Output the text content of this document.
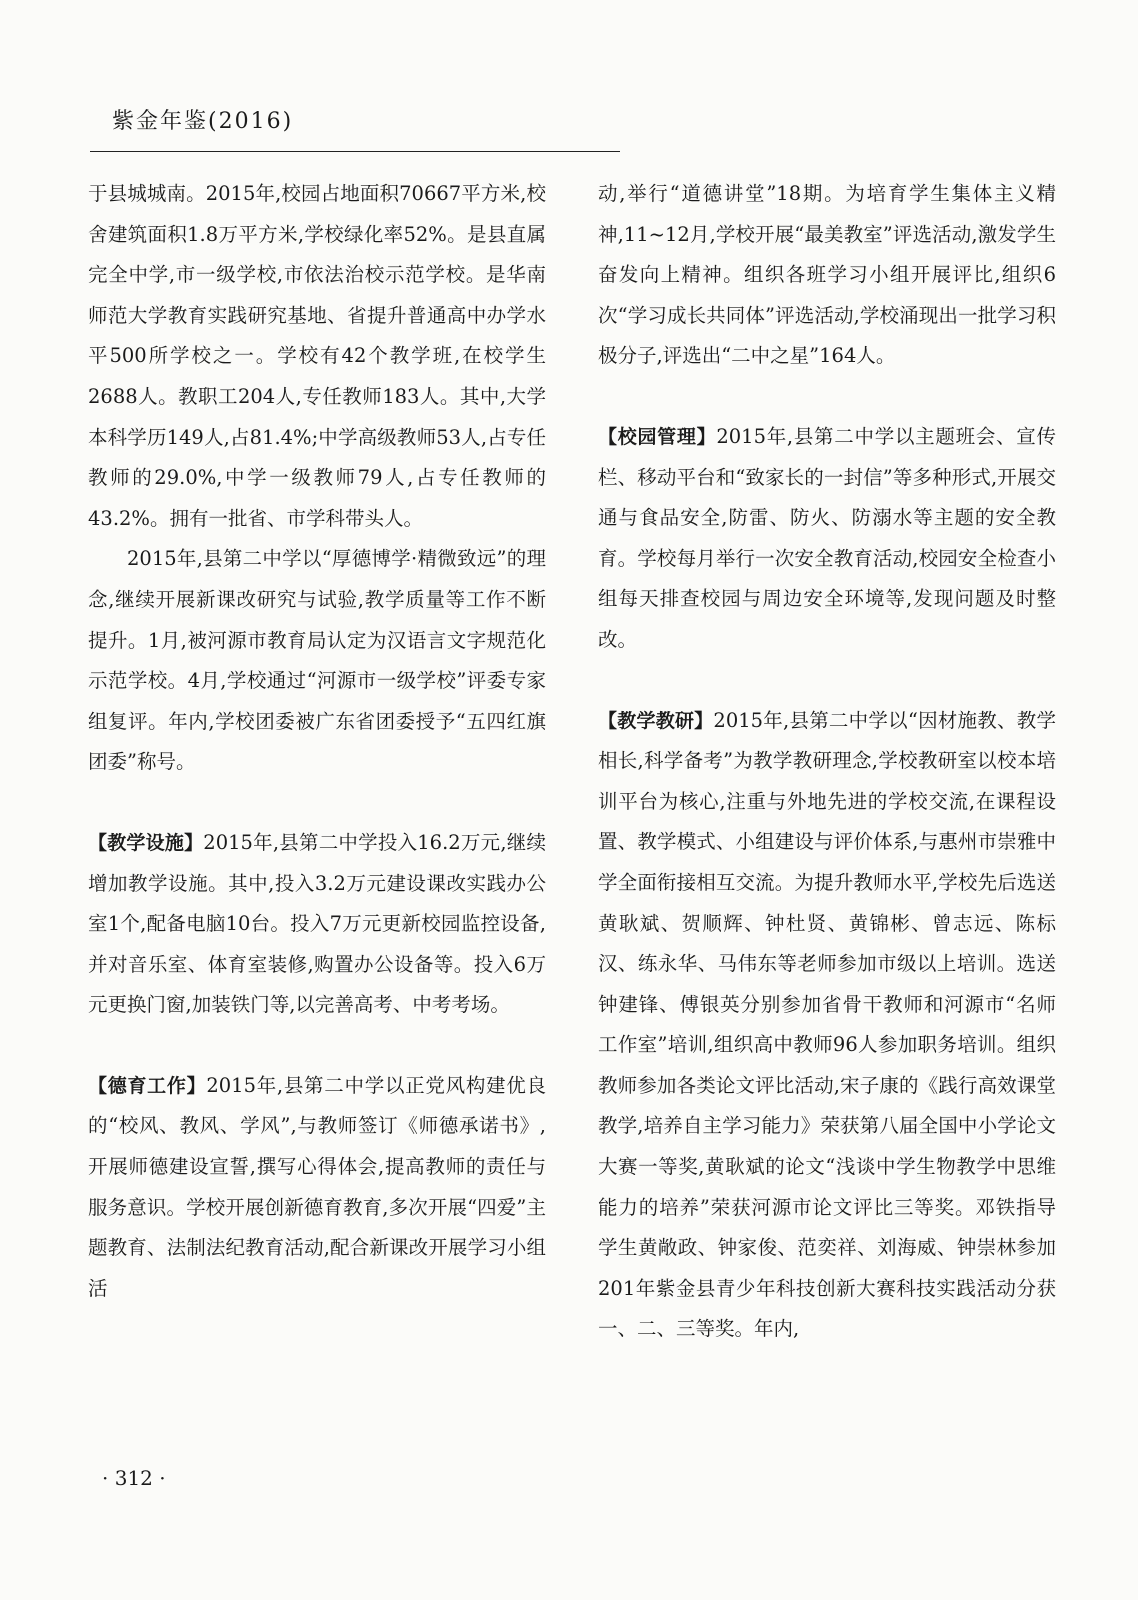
紫金年鉴(2016)

于县城城南。2015年,校园占地面积70667平方米,校舍建筑面积1.8万平方米,学校绿化率52%。是县直属完全中学,市一级学校,市依法治校示范学校。是华南师范大学教育实践研究基地、省提升普通高中办学水平500所学校之一。学校有42个教学班,在校学生2688人。教职工204人,专任教师183人。其中,大学本科学历149人,占81.4%;中学高级教师53人,占专任教师的29.0%,中学一级教师79人,占专任教师的43.2%。拥有一批省、市学科带头人。

2015年,县第二中学以“厚德博学·精微致远”的理念,继续开展新课改研究与试验,教学质量等工作不断提升。1月,被河源市教育局认定为汉语言文字规范化示范学校。4月,学校通过“河源市一级学校”评委专家组复评。年内,学校团委被广东省团委授予“五四红旗团委”称号。

【教学设施】2015年,县第二中学投入16.2万元,继续增加教学设施。其中,投入3.2万元建设课改实践办公室1个,配备电脑10台。投入7万元更新校园监控设备,并对音乐室、体育室装修,购置办公设备等。投入6万元更换门窗,加装铁门等,以完善高考、中考考场。

【德育工作】2015年,县第二中学以正党风构建优良的“校风、教风、学风”,与教师签订《师德承诺书》,开展师德建设宣誓,撰写心得体会,提高教师的责任与服务意识。学校开展创新德育教育,多次开展“四爱”主题教育、法制法纪教育活动,配合新课改开展学习小组活

动,举行“道德讲堂”18期。为培育学生集体主义精神,11~12月,学校开展“最美教室”评选活动,激发学生奋发向上精神。组织各班学习小组开展评比,组织6次“学习成长共同体”评选活动,学校涌现出一批学习积极分子,评选出“二中之星”164人。

【校园管理】2015年,县第二中学以主题班会、宣传栏、移动平台和“致家长的一封信”等多种形式,开展交通与食品安全,防雷、防火、防溺水等主题的安全教育。学校每月举行一次安全教育活动,校园安全检查小组每天排查校园与周边安全环境等,发现问题及时整改。

【教学教研】2015年,县第二中学以“因材施教、教学相长,科学备考”为教学教研理念,学校教研室以校本培训平台为核心,注重与外地先进的学校交流,在课程设置、教学模式、小组建设与评价体系,与惠州市崇雅中学全面衔接相互交流。为提升教师水平,学校先后选送黄耿斌、贺顺辉、钟杜贤、黄锦彬、曾志远、陈标汉、练永华、马伟东等老师参加市级以上培训。选送钟建锋、傅银英分别参加省骨干教师和河源市“名师工作室”培训,组织高中教师96人参加职务培训。组织教师参加各类论文评比活动,宋子康的《践行高效课堂教学,培养自主学习能力》荣获第八届全国中小学论文大赛一等奖,黄耿斌的论文“浅谈中学生物教学中思维能力的培养”荣获河源市论文评比三等奖。邓铁指导学生黄敞政、钟家俊、范奕祥、刘海威、钟崇林参加201年紫金县青少年科技创新大赛科技实践活动分获一、二、三等奖。年内,

· 312 ·
